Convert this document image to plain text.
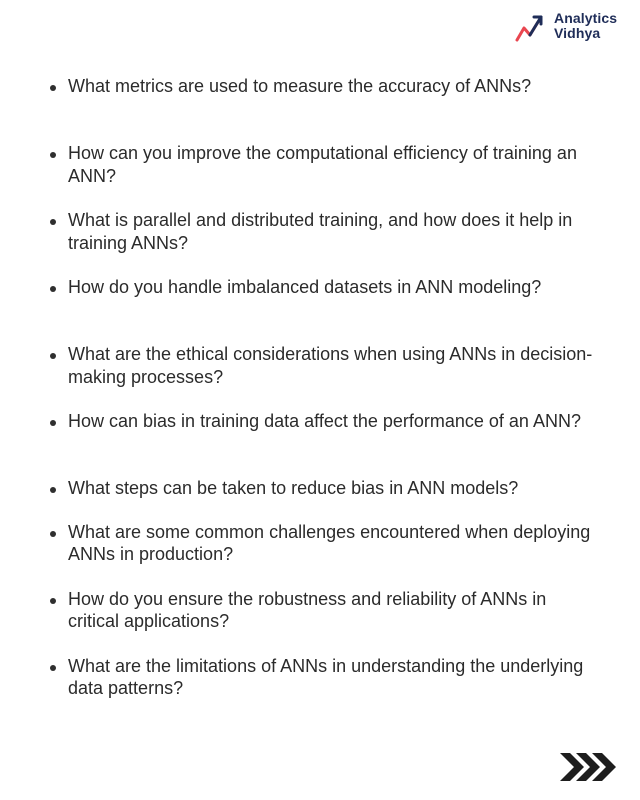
Analytics
Vidhya
What metrics are used to measure the accuracy of ANNs?
How can you improve the computational efficiency of training an ANN?
What is parallel and distributed training, and how does it help in training ANNs?
How do you handle imbalanced datasets in ANN modeling?
What are the ethical considerations when using ANNs in decision-making processes?
How can bias in training data affect the performance of an ANN?
What steps can be taken to reduce bias in ANN models?
What are some common challenges encountered when deploying ANNs in production?
How do you ensure the robustness and reliability of ANNs in critical applications?
What are the limitations of ANNs in understanding the underlying data patterns?
